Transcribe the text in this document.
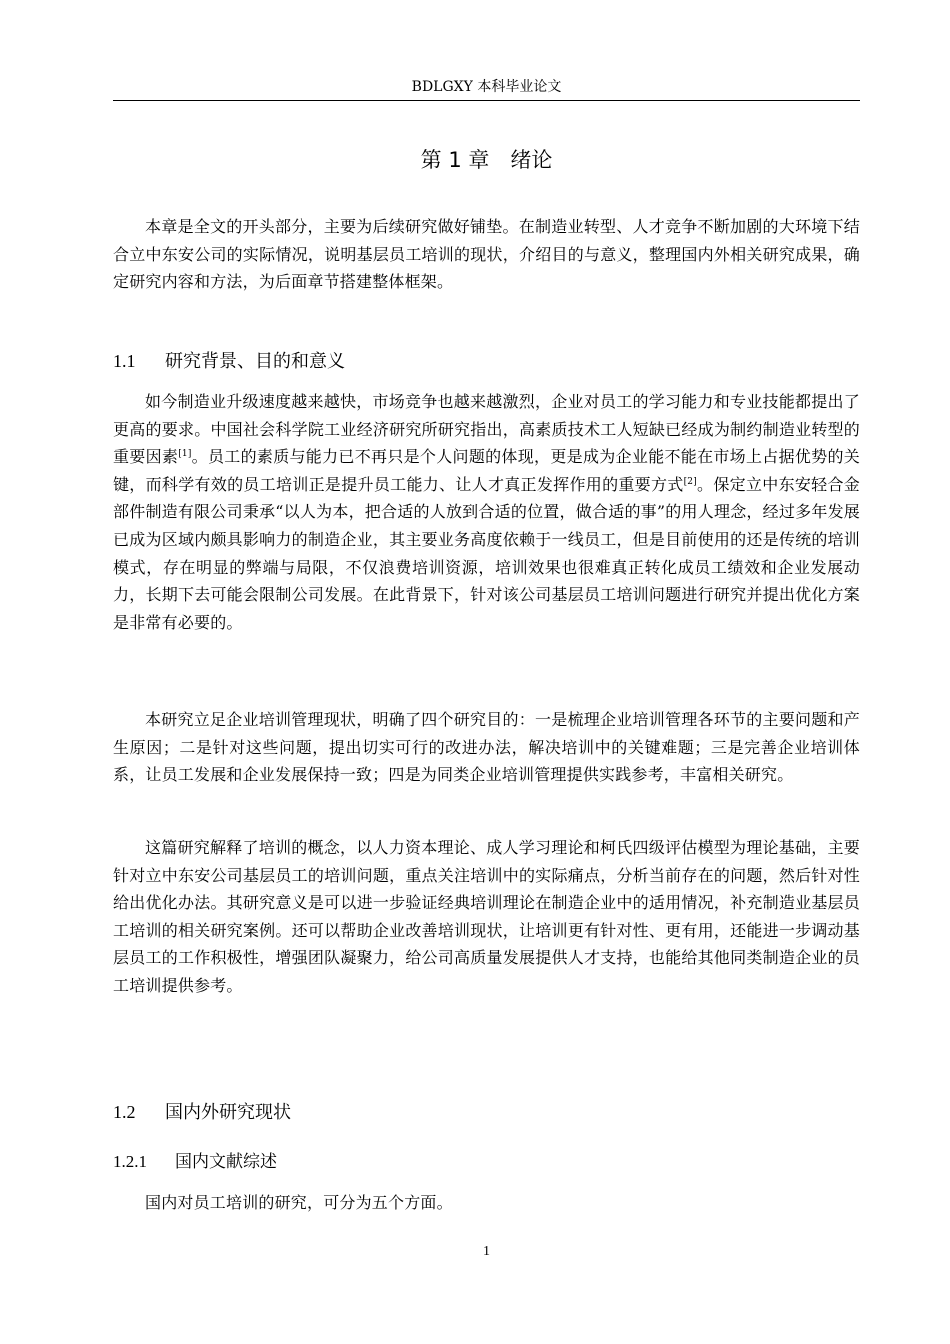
BDLGXY 本科毕业论文
第 1 章　绪论

本章是全文的开头部分，主要为后续研究做好铺垫。在制造业转型、人才竞争不断加剧的大环境下结合立中东安公司的实际情况，说明基层员工培训的现状，介绍目的与意义，整理国内外相关研究成果，确定研究内容和方法，为后面章节搭建整体框架。

1.1 研究背景、目的和意义

如今制造业升级速度越来越快，市场竞争也越来越激烈，企业对员工的学习能力和专业技能都提出了更高的要求。中国社会科学院工业经济研究所研究指出，高素质技术工人短缺已经成为制约制造业转型的重要因素[1]。员工的素质与能力已不再只是个人问题的体现，更是成为企业能不能在市场上占据优势的关键，而科学有效的员工培训正是提升员工能力、让人才真正发挥作用的重要方式[2]。保定立中东安轻合金部件制造有限公司秉承“以人为本，把合适的人放到合适的位置，做合适的事”的用人理念，经过多年发展已成为区域内颇具影响力的制造企业，其主要业务高度依赖于一线员工，但是目前使用的还是传统的培训模式，存在明显的弊端与局限，不仅浪费培训资源，培训效果也很难真正转化成员工绩效和企业发展动力，长期下去可能会限制公司发展。在此背景下，针对该公司基层员工培训问题进行研究并提出优化方案是非常有必要的。

本研究立足企业培训管理现状，明确了四个研究目的：一是梳理企业培训管理各环节的主要问题和产生原因；二是针对这些问题，提出切实可行的改进办法，解决培训中的关键难题；三是完善企业培训体系，让员工发展和企业发展保持一致；四是为同类企业培训管理提供实践参考，丰富相关研究。

这篇研究解释了培训的概念，以人力资本理论、成人学习理论和柯氏四级评估模型为理论基础，主要针对立中东安公司基层员工的培训问题，重点关注培训中的实际痛点，分析当前存在的问题，然后针对性给出优化办法。其研究意义是可以进一步验证经典培训理论在制造企业中的适用情况，补充制造业基层员工培训的相关研究案例。还可以帮助企业改善培训现状，让培训更有针对性、更有用，还能进一步调动基层员工的工作积极性，增强团队凝聚力，给公司高质量发展提供人才支持，也能给其他同类制造企业的员工培训提供参考。

1.2 国内外研究现状
1.2.1 国内文献综述

国内对员工培训的研究，可分为五个方面。

1
